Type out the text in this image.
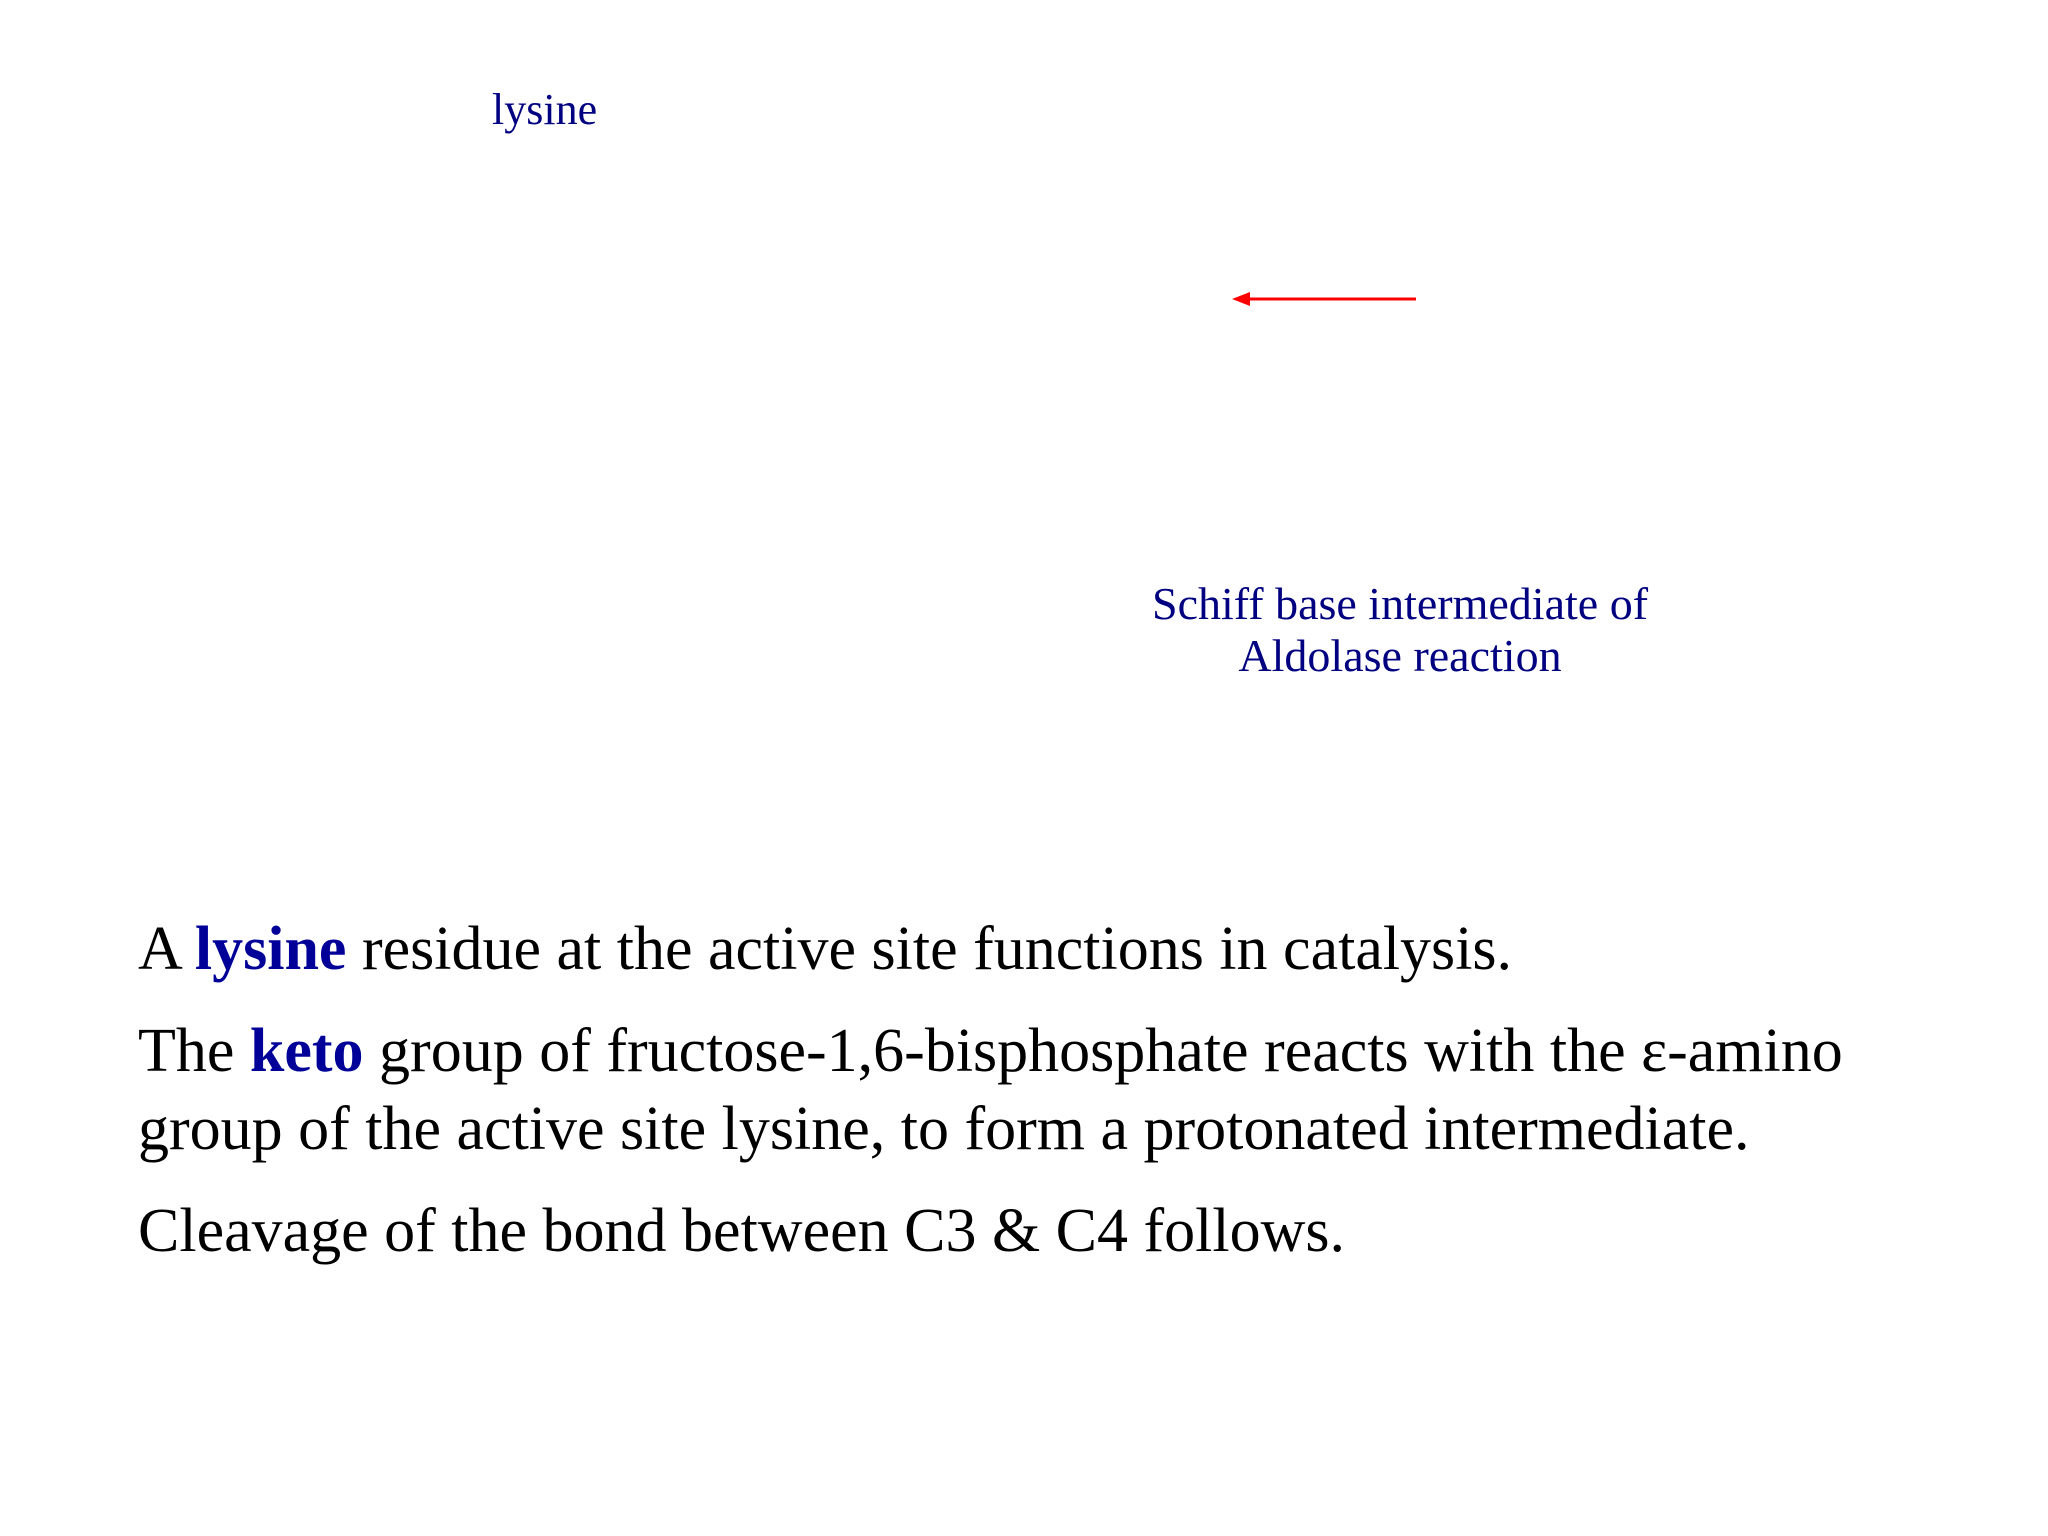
lysine
Schiff base intermediate of
Aldolase reaction

A lysine residue at the active site functions in catalysis.

The keto group of fructose-1,6-bisphosphate reacts with the ε-amino group of the active site lysine, to form a protonated intermediate.

Cleavage of the bond between C3 & C4 follows.
